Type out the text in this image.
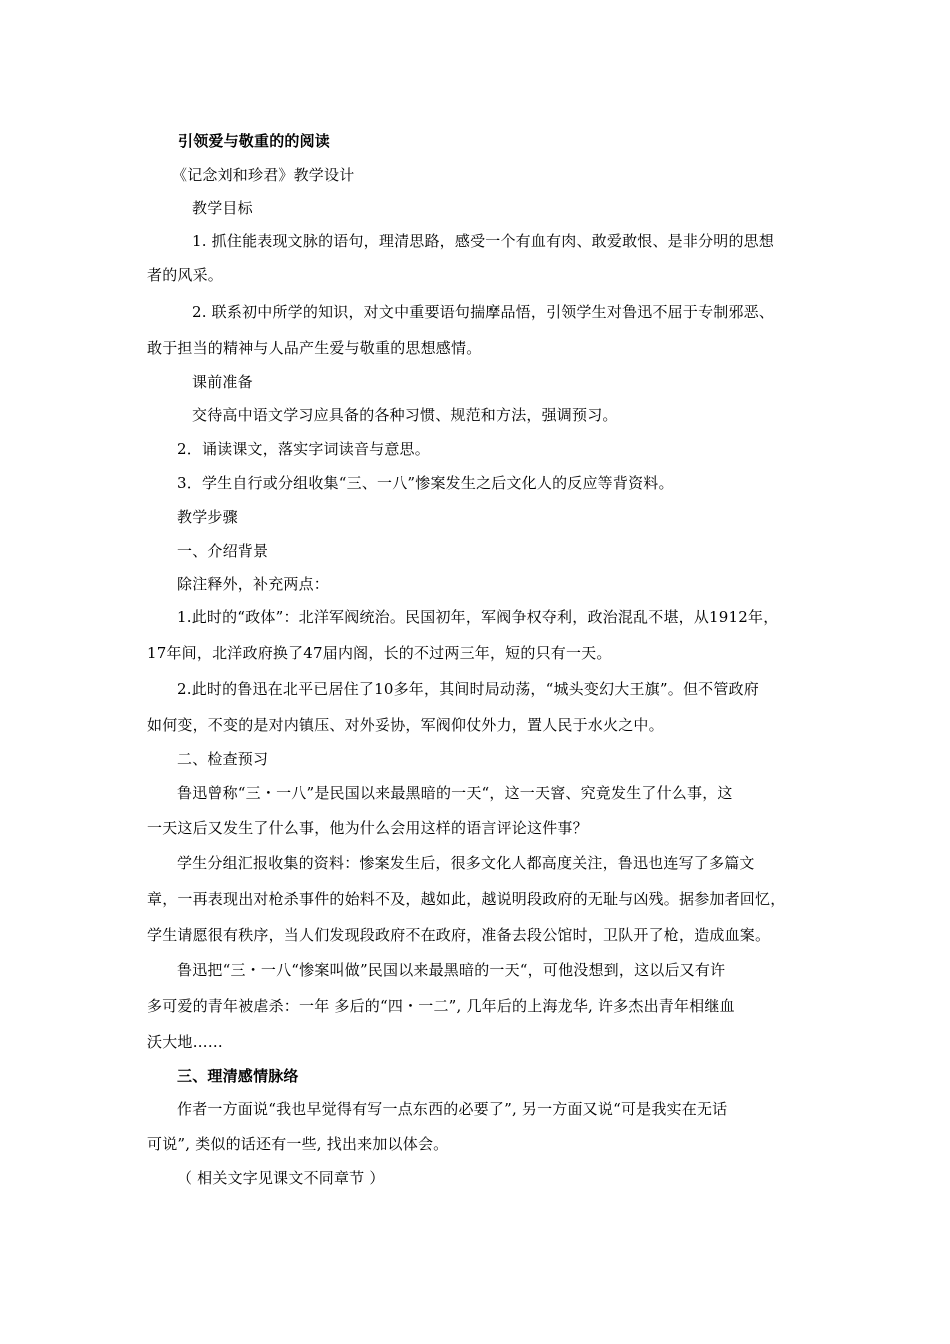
引领爱与敬重的的阅读
《记念刘和珍君》教学设计
教学目标
1. 抓住能表现文脉的语句，理清思路，感受一个有血有肉、敢爱敢恨、是非分明的思想
者的风采。
2. 联系初中所学的知识，对文中重要语句揣摩品悟，引领学生对鲁迅不屈于专制邪恶、
敢于担当的精神与人品产生爱与敬重的思想感情。
课前准备
交待高中语文学习应具备的各种习惯、规范和方法，强调预习。
2．诵读课文，落实字词读音与意思。
3．学生自行或分组收集“三、一八”惨案发生之后文化人的反应等背资料。
教学步骤
一、介绍背景
除注释外，补充两点：
1.此时的“政体”：北洋军阀统治。民国初年，军阀争权夺利，政治混乱不堪，从1912年，
17年间，北洋政府换了47届内阁，长的不过两三年，短的只有一天。
2.此时的鲁迅在北平已居住了10多年，其间时局动荡，“城头变幻大王旗”。但不管政府
如何变，不变的是对内镇压、对外妥协，军阀仰仗外力，置人民于水火之中。
二、检查预习
鲁迅曾称“三・一八”是民国以来最黑暗的一天“，这一天窨、究竟发生了什么事，这
一天这后又发生了什么事，他为什么会用这样的语言评论这件事？
学生分组汇报收集的资料：惨案发生后，很多文化人都高度关注，鲁迅也连写了多篇文
章，一再表现出对枪杀事件的始料不及，越如此，越说明段政府的无耻与凶残。据参加者回忆，
学生请愿很有秩序，当人们发现段政府不在政府，准备去段公馆时，卫队开了枪，造成血案。
鲁迅把“三・一八“惨案叫做”民国以来最黑暗的一天“，可他没想到，这以后又有许
多可爱的青年被虐杀：一年 多后的“四・一二”, 几年后的上海龙华, 许多杰出青年相继血
沃大地……
三、理清感情脉络
作者一方面说“我也早觉得有写一点东西的必要了”, 另一方面又说“可是我实在无话
可说”, 类似的话还有一些, 找出来加以体会。
（ 相关文字见课文不同章节 ）
